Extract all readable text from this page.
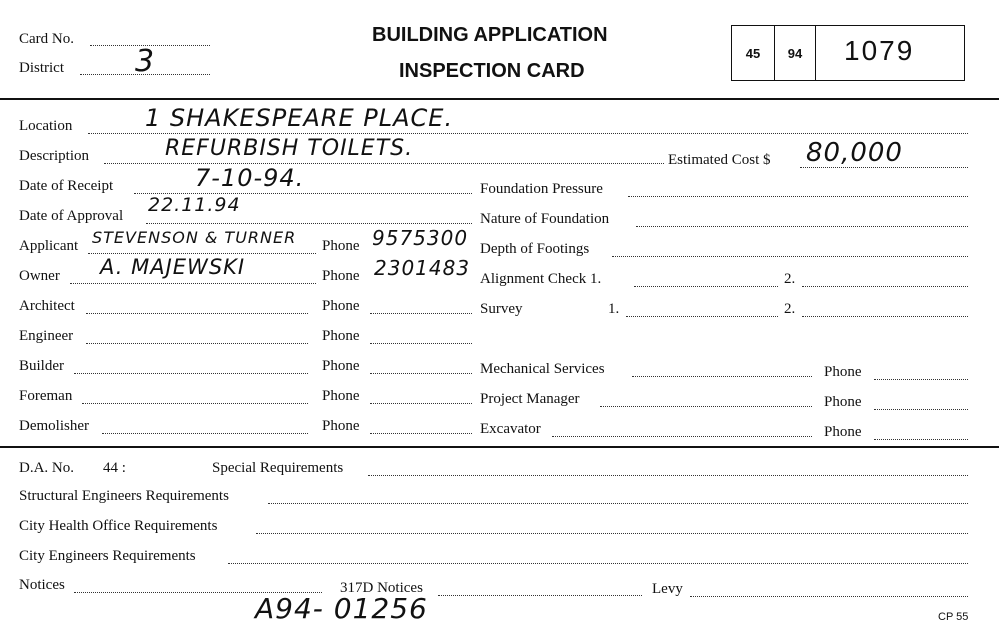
Card No.
District 3
BUILDING APPLICATION
INSPECTION CARD
45	94	1079
Location	1 SHAKESPEARE PLACE.
Description	REFURBISH TOILETS.
Date of Receipt	7-10-94.
Date of Approval 22.11.94
Applicant STEVENSON & TURNER Phone 9575300
Owner A. MAJEWSKI	Phone 2301483
Architect	Phone
Engineer	Phone
Builder	Phone
Foreman	Phone
Demolisher	Phone
Estimated Cost $ 80,000
Foundation Pressure
Nature of Foundation
Depth of Footings
Alignment Check 1.	2.
Survey	1.	2.
Mechanical Services	Phone
Project Manager	Phone
Excavator	Phone
D.A. No. 44 :	Special Requirements
Structural Engineers Requirements
City Health Office Requirements
City Engineers Requirements
Notices	317D Notices	Levy
A94- 01256	CP 55
